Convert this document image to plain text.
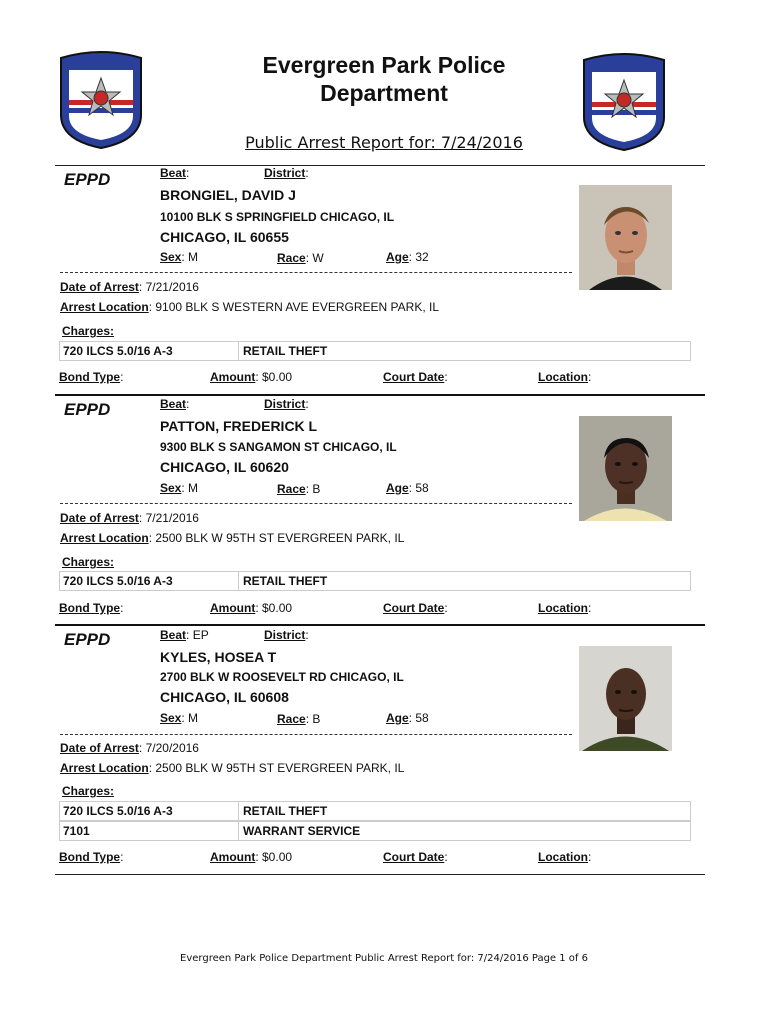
Evergreen Park Police
Department
Public Arrest Report for: 7/24/2016
EPPD	Beat:	District:
BRONGIEL, DAVID J
10100 BLK S SPRINGFIELD CHICAGO, IL
CHICAGO, IL 60655
Sex: M	Race: W	Age: 32
Date of Arrest: 7/21/2016
Arrest Location: 9100 BLK S WESTERN AVE EVERGREEN PARK, IL
Charges:
720 ILCS 5.0/16 A-3	RETAIL THEFT
Bond Type:	Amount: $0.00	Court Date:	Location:
EPPD	Beat:	District:
PATTON, FREDERICK L
9300 BLK S SANGAMON ST CHICAGO, IL
CHICAGO, IL 60620
Sex: M	Race: B	Age: 58
Date of Arrest: 7/21/2016
Arrest Location: 2500 BLK W 95TH ST EVERGREEN PARK, IL
Charges:
720 ILCS 5.0/16 A-3	RETAIL THEFT
Bond Type:	Amount: $0.00	Court Date:	Location:
EPPD	Beat: EP	District:
KYLES, HOSEA T
2700 BLK W ROOSEVELT RD CHICAGO, IL
CHICAGO, IL 60608
Sex: M	Race: B	Age: 58
Date of Arrest: 7/20/2016
Arrest Location: 2500 BLK W 95TH ST EVERGREEN PARK, IL
Charges:
720 ILCS 5.0/16 A-3	RETAIL THEFT
7101	WARRANT SERVICE
Bond Type:	Amount: $0.00	Court Date:	Location:
Evergreen Park Police Department Public Arrest Report for: 7/24/2016 Page 1 of 6
